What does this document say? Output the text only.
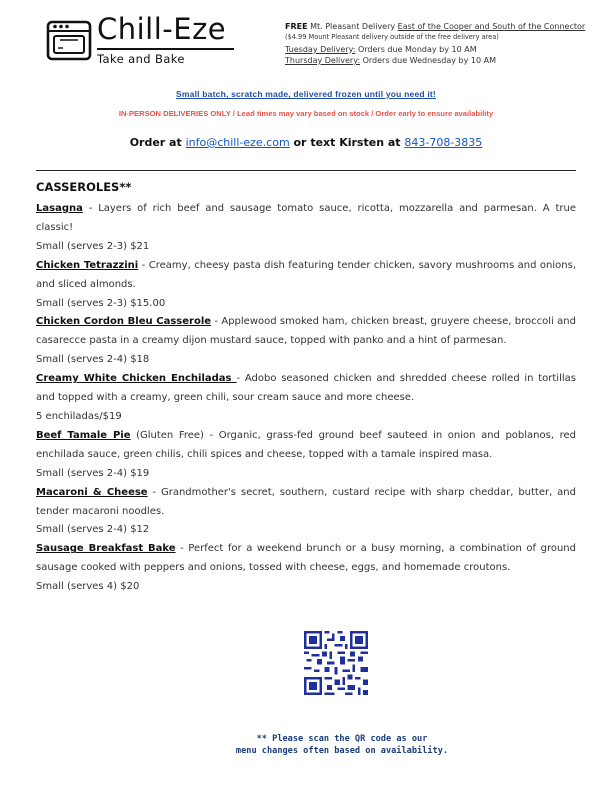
Chill-Eze
Take and Bake
FREE Mt. Pleasant Delivery East of the Cooper and South of the Connector
($4.99 Mount Pleasant delivery outside of the free delivery area)
Tuesday Delivery: Orders due Monday by 10 AM
Thursday Delivery: Orders due Wednesday by 10 AM
Small batch, scratch made, delivered frozen until you need it!
IN-PERSON DELIVERIES ONLY / Lead times may vary based on stock / Order early to ensure availability
Order at info@chill-eze.com or text Kirsten at 843-708-3835
CASSEROLES**

Lasagna - Layers of rich beef and sausage tomato sauce, ricotta, mozzarella and parmesan. A true classic!

Small (serves 2-3) $21

Chicken Tetrazzini - Creamy, cheesy pasta dish featuring tender chicken, savory mushrooms and onions, and sliced almonds.

Small (serves 2-3) $15.00

Chicken Cordon Bleu Casserole - Applewood smoked ham, chicken breast, gruyere cheese, broccoli and casarecce pasta in a creamy dijon mustard sauce, topped with panko and a hint of parmesan.

Small (serves 2-4) $18

Creamy White Chicken Enchiladas - Adobo seasoned chicken and shredded cheese rolled in tortillas and topped with a creamy, green chili, sour cream sauce and more cheese.

5 enchiladas/$19

Beef Tamale Pie (Gluten Free) - Organic, grass-fed ground beef sauteed in onion and poblanos, red enchilada sauce, green chilis, chili spices and cheese, topped with a tamale inspired masa.

Small (serves 2-4) $19

Macaroni & Cheese - Grandmother's secret, southern, custard recipe with sharp cheddar, butter, and tender macaroni noodles.

Small (serves 2-4) $12

Sausage Breakfast Bake - Perfect for a weekend brunch or a busy morning, a combination of ground sausage cooked with peppers and onions, tossed with cheese, eggs, and homemade croutons.

Small (serves 4) $20

** Please scan the QR code as our
menu changes often based on availability.
